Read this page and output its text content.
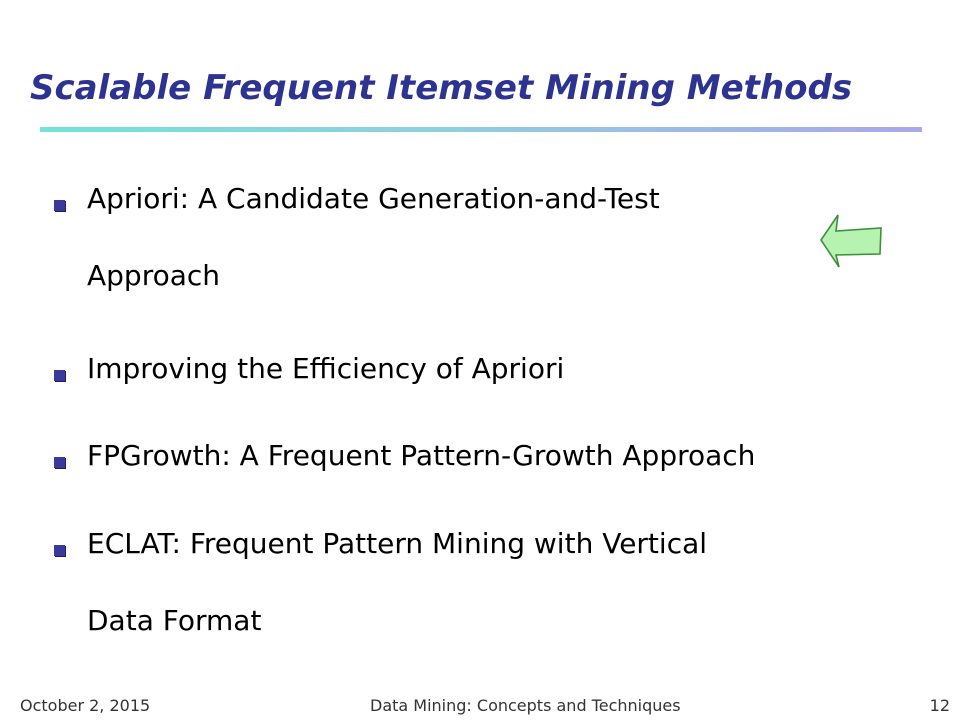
Scalable Frequent Itemset Mining Methods
Apriori: A Candidate Generation-and-Test
Approach
Improving the Efficiency of Apriori
FPGrowth: A Frequent Pattern-Growth Approach
ECLAT: Frequent Pattern Mining with Vertical
Data Format
October 2, 2015	Data Mining: Concepts and Techniques	12
